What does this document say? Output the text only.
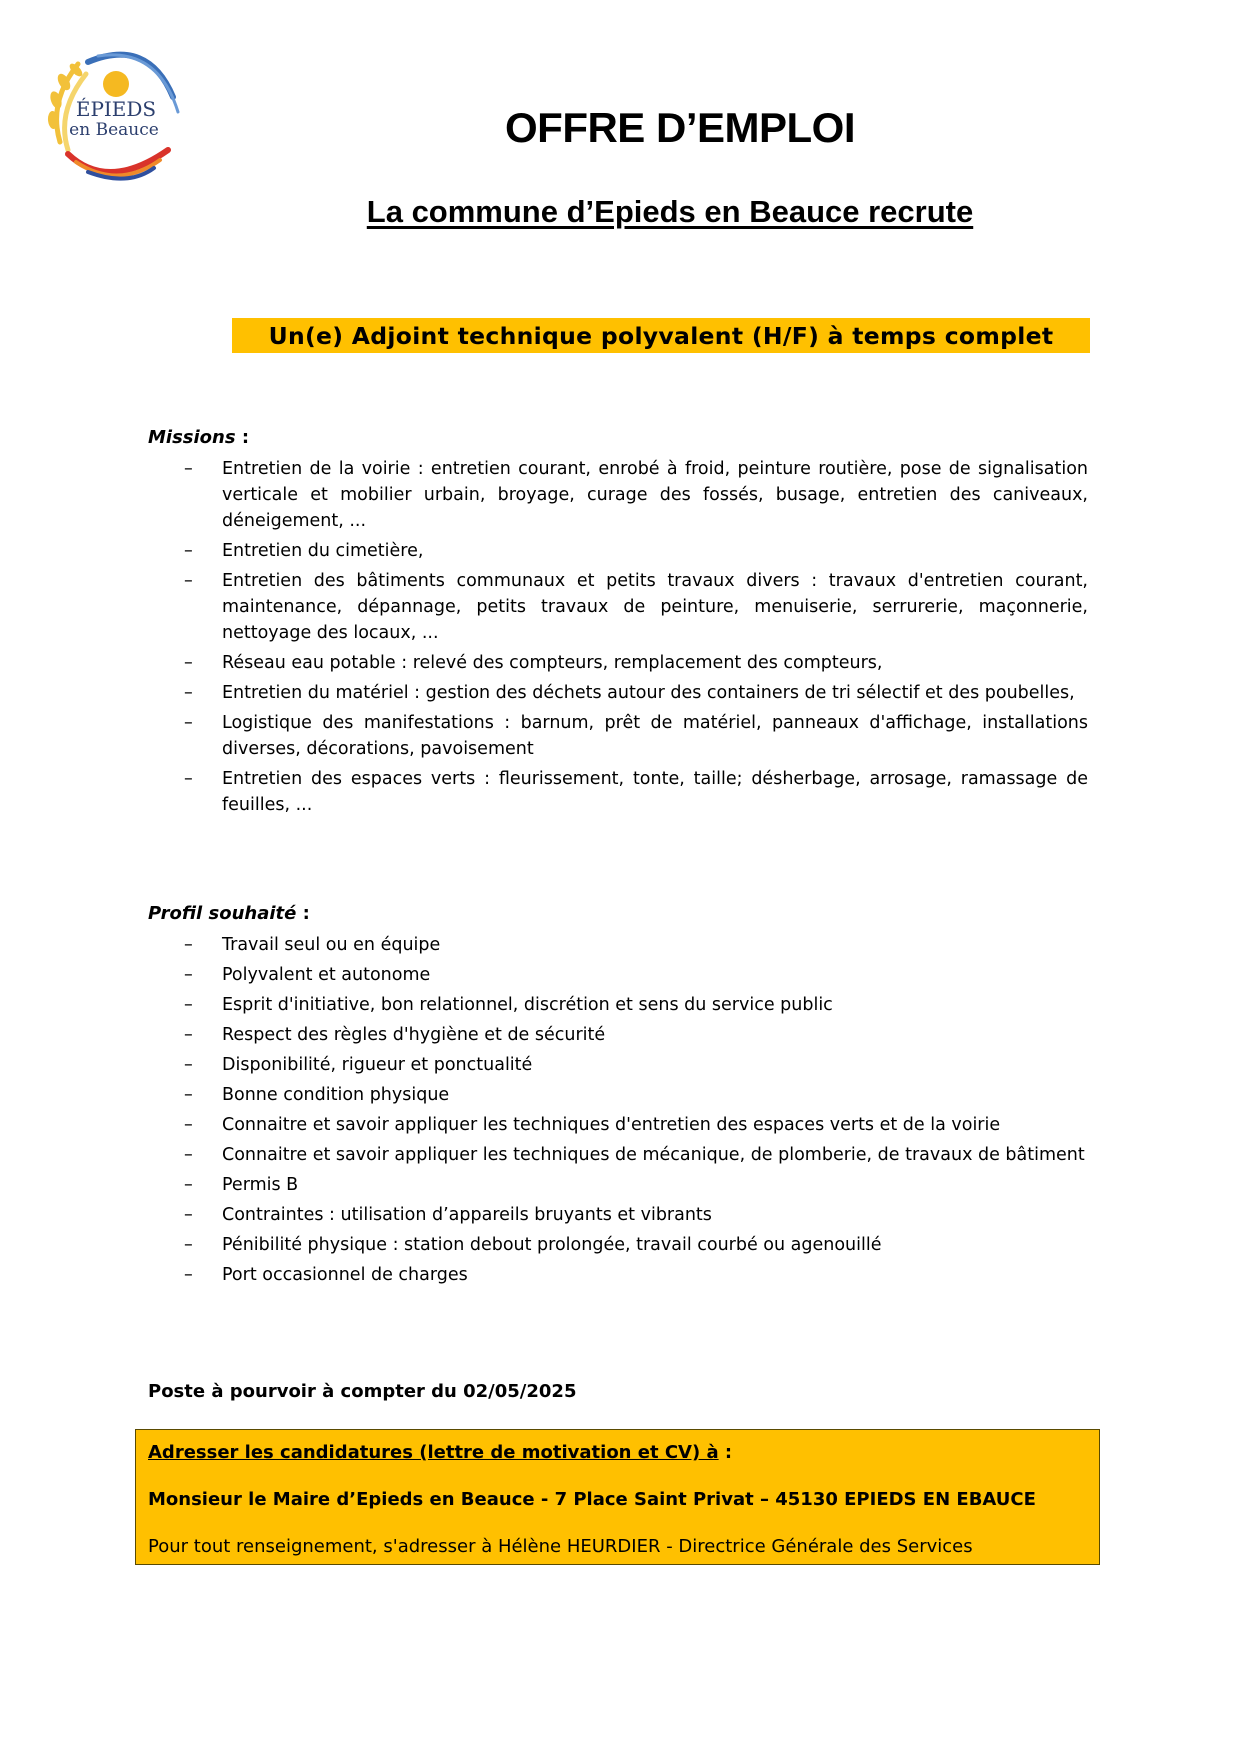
ÉPIEDS
en Beauce	OFFRE D’EMPLOI
La commune d’Epieds en Beauce recrute
Un(e) Adjoint technique polyvalent (H/F) à temps complet

Missions :

– Entretien de la voirie : entretien courant, enrobé à froid, peinture routière, pose de signalisation verticale et mobilier urbain, broyage, curage des fossés, busage, entretien des caniveaux, déneigement, ...
– Entretien du cimetière,
– Entretien des bâtiments communaux et petits travaux divers : travaux d'entretien courant, maintenance, dépannage, petits travaux de peinture, menuiserie, serrurerie, maçonnerie, nettoyage des locaux, ...
– Réseau eau potable : relevé des compteurs, remplacement des compteurs,
– Entretien du matériel : gestion des déchets autour des containers de tri sélectif et des poubelles,
– Logistique des manifestations : barnum, prêt de matériel, panneaux d'affichage, installations diverses, décorations, pavoisement
– Entretien des espaces verts : fleurissement, tonte, taille; désherbage, arrosage, ramassage de feuilles, ...

Profil souhaité :

– Travail seul ou en équipe
– Polyvalent et autonome
– Esprit d'initiative, bon relationnel, discrétion et sens du service public
– Respect des règles d'hygiène et de sécurité
– Disponibilité, rigueur et ponctualité
– Bonne condition physique
– Connaitre et savoir appliquer les techniques d'entretien des espaces verts et de la voirie
– Connaitre et savoir appliquer les techniques de mécanique, de plomberie, de travaux de bâtiment
– Permis B
– Contraintes : utilisation d’appareils bruyants et vibrants
– Pénibilité physique : station debout prolongée, travail courbé ou agenouillé
– Port occasionnel de charges

Poste à pourvoir à compter du 02/05/2025

Adresser les candidatures (lettre de motivation et CV) à :

Monsieur le Maire d’Epieds en Beauce - 7 Place Saint Privat – 45130 EPIEDS EN EBAUCE

Pour tout renseignement, s'adresser à Hélène HEURDIER - Directrice Générale des Services
